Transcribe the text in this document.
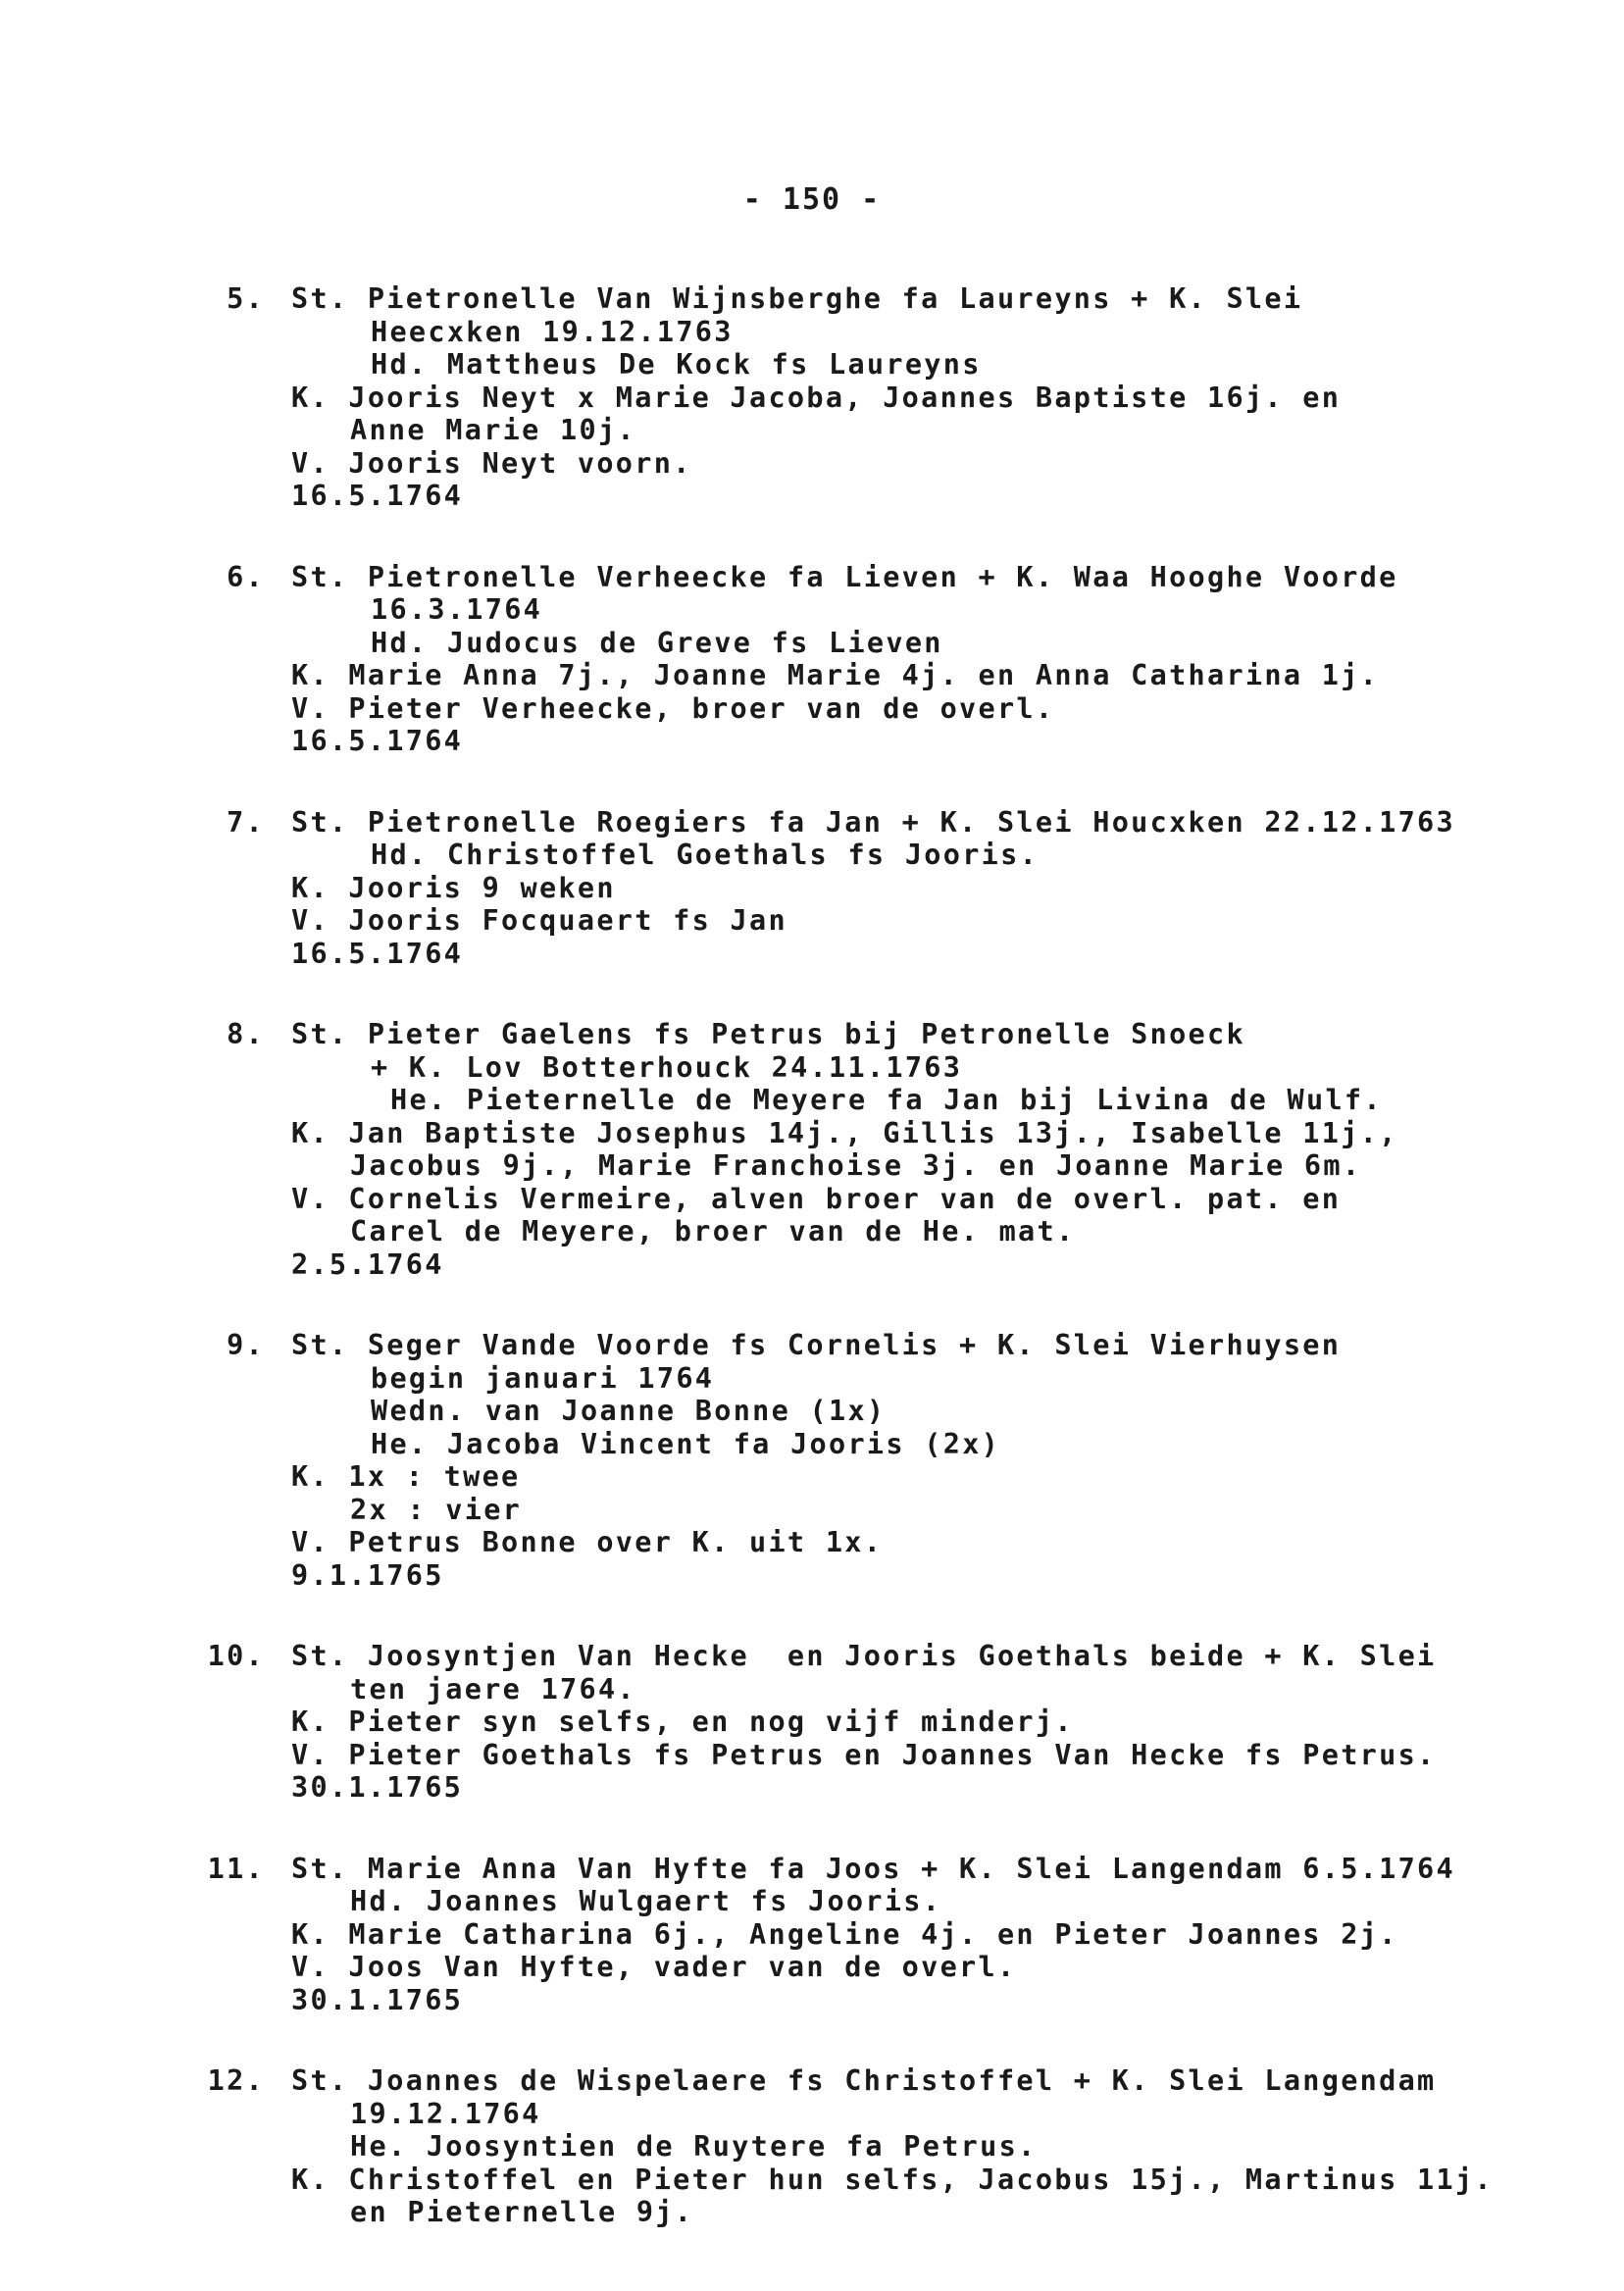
- 150 -
St. Pietronelle Van Wijnsberghe fa Laureyns + K. Slei
5.
Heecxken 19.12.1763
Hd. Mattheus De Kock fs Laureyns
K. Jooris Neyt x Marie Jacoba, Joannes Baptiste 16j. en
Anne Marie 10j.
V. Jooris Neyt voorn.
16.5.1764
St. Pietronelle Verheecke fa Lieven + K. Waa Hooghe Voorde
6.
16.3.1764
Hd. Judocus de Greve fs Lieven
K. Marie Anna 7j., Joanne Marie 4j. en Anna Catharina 1j.
V. Pieter Verheecke, broer van de overl.
16.5.1764
St. Pietronelle Roegiers fa Jan + K. Slei Houcxken 22.12.1763
7.
Hd. Christoffel Goethals fs Jooris.
K. Jooris 9 weken
V. Jooris Focquaert fs Jan
16.5.1764
St. Pieter Gaelens fs Petrus bij Petronelle Snoeck
8.
+ K. Lov Botterhouck 24.11.1763
He. Pieternelle de Meyere fa Jan bij Livina de Wulf.
K. Jan Baptiste Josephus 14j., Gillis 13j., Isabelle 11j.,
Jacobus 9j., Marie Franchoise 3j. en Joanne Marie 6m.
V. Cornelis Vermeire, alven broer van de overl. pat. en
Carel de Meyere, broer van de He. mat.
2.5.1764
St. Seger Vande Voorde fs Cornelis + K. Slei Vierhuysen
9.
begin januari 1764
Wedn. van Joanne Bonne (1x)
He. Jacoba Vincent fa Jooris (2x)
K. 1x : twee
2x : vier
V. Petrus Bonne over K. uit 1x.
9.1.1765
St. Joosyntjen Van Hecke  en Jooris Goethals beide + K. Slei
10.
ten jaere 1764.
K. Pieter syn selfs, en nog vijf minderj.
V. Pieter Goethals fs Petrus en Joannes Van Hecke fs Petrus.
30.1.1765
St. Marie Anna Van Hyfte fa Joos + K. Slei Langendam 6.5.1764
11.
Hd. Joannes Wulgaert fs Jooris.
K. Marie Catharina 6j., Angeline 4j. en Pieter Joannes 2j.
V. Joos Van Hyfte, vader van de overl.
30.1.1765
St. Joannes de Wispelaere fs Christoffel + K. Slei Langendam
12.
19.12.1764
He. Joosyntien de Ruytere fa Petrus.
K. Christoffel en Pieter hun selfs, Jacobus 15j., Martinus 11j.
en Pieternelle 9j.
